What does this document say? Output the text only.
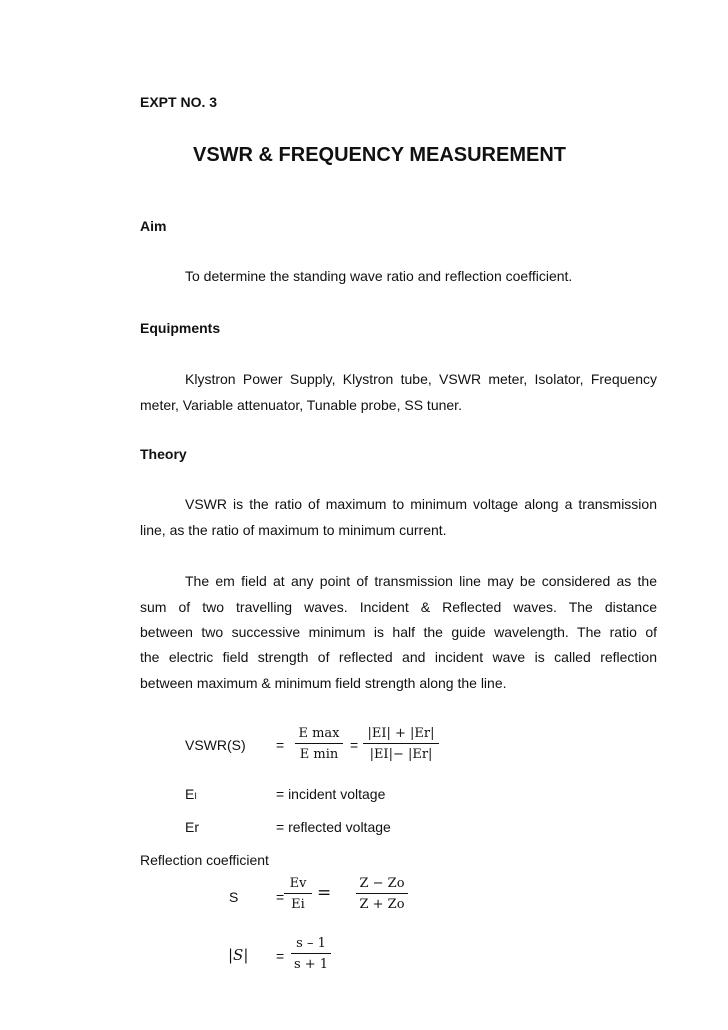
EXPT NO. 3
VSWR & FREQUENCY MEASUREMENT
Aim
To determine the standing wave ratio and reflection coefficient.
Equipments
Klystron Power Supply, Klystron tube, VSWR meter, Isolator, Frequency
meter, Variable attenuator, Tunable probe, SS tuner.
Theory
VSWR is the ratio of maximum to minimum voltage along a transmission
line, as the ratio of maximum to minimum current.
The em field at any point of transmission line may be considered as the
sum of two travelling waves. Incident & Reflected waves. The distance
between two successive minimum is half the guide wavelength. The ratio of
the electric field strength of reflected and incident wave is called reflection
between maximum & minimum field strength along the line.
VSWR(S) =
E max
E min
= $\frac{|EI| + |Er|}{|EI|- |Er|}$
EI	= incident voltage
Er	= reflected voltage
Reflection coefficient
S	= $\frac{Ev}{Ei} = \frac{Z - Zo}{Z + Zo}$
$|S| = \frac{s - 1}{s + 1}$
